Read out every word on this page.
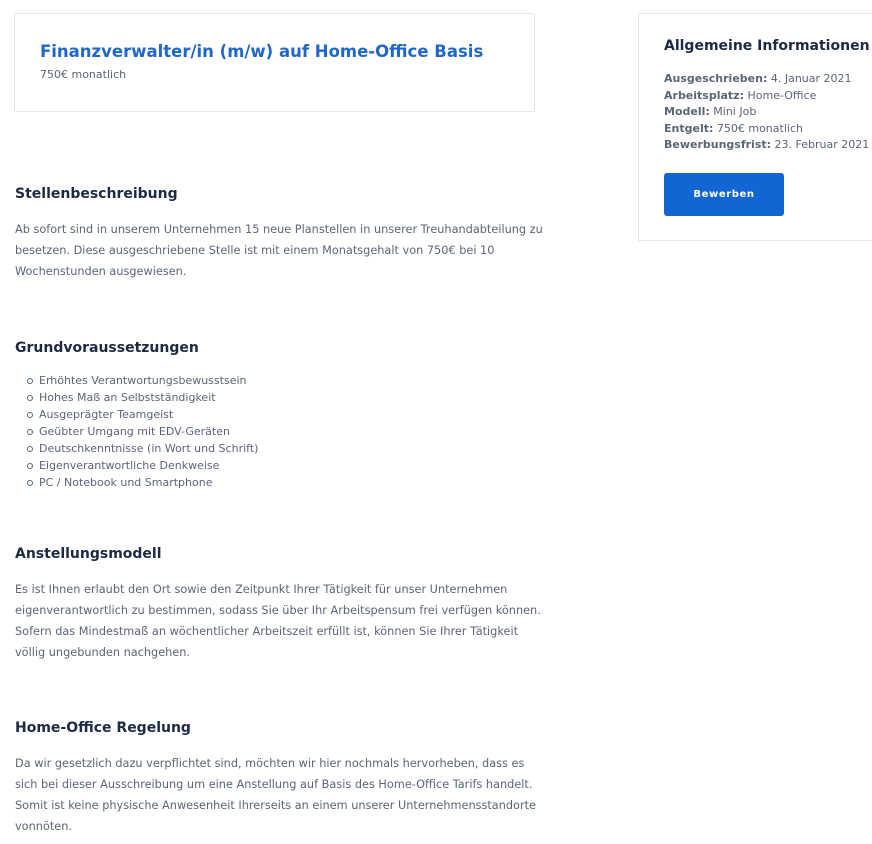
Finanzverwalter/in (m/w) auf Home-Office Basis
750€ monatlich
Stellenbeschreibung
Ab sofort sind in unserem Unternehmen 15 neue Planstellen in unserer Treuhandabteilung zu
besetzen. Diese ausgeschriebene Stelle ist mit einem Monatsgehalt von 750€ bei 10
Wochenstunden ausgewiesen.
Grundvoraussetzungen
Erhöhtes Verantwortungsbewusstsein
Hohes Maß an Selbstständigkeit
Ausgeprägter Teamgeist
Geübter Umgang mit EDV-Geräten
Deutschkenntnisse (in Wort und Schrift)
Eigenverantwortliche Denkweise
PC / Notebook und Smartphone
Anstellungsmodell
Es ist Ihnen erlaubt den Ort sowie den Zeitpunkt Ihrer Tätigkeit für unser Unternehmen
eigenverantwortlich zu bestimmen, sodass Sie über Ihr Arbeitspensum frei verfügen können.
Sofern das Mindestmaß an wöchentlicher Arbeitszeit erfüllt ist, können Sie Ihrer Tätigkeit
völlig ungebunden nachgehen.
Home-Office Regelung
Da wir gesetzlich dazu verpflichtet sind, möchten wir hier nochmals hervorheben, dass es
sich bei dieser Ausschreibung um eine Anstellung auf Basis des Home-Office Tarifs handelt.
Somit ist keine physische Anwesenheit Ihrerseits an einem unserer Unternehmensstandorte
vonnöten.
Allgemeine Informationen
Ausgeschrieben: 4. Januar 2021
Arbeitsplatz: Home-Office
Modell: Mini Job
Entgelt: 750€ monatlich
Bewerbungsfrist: 23. Februar 2021
Bewerben
